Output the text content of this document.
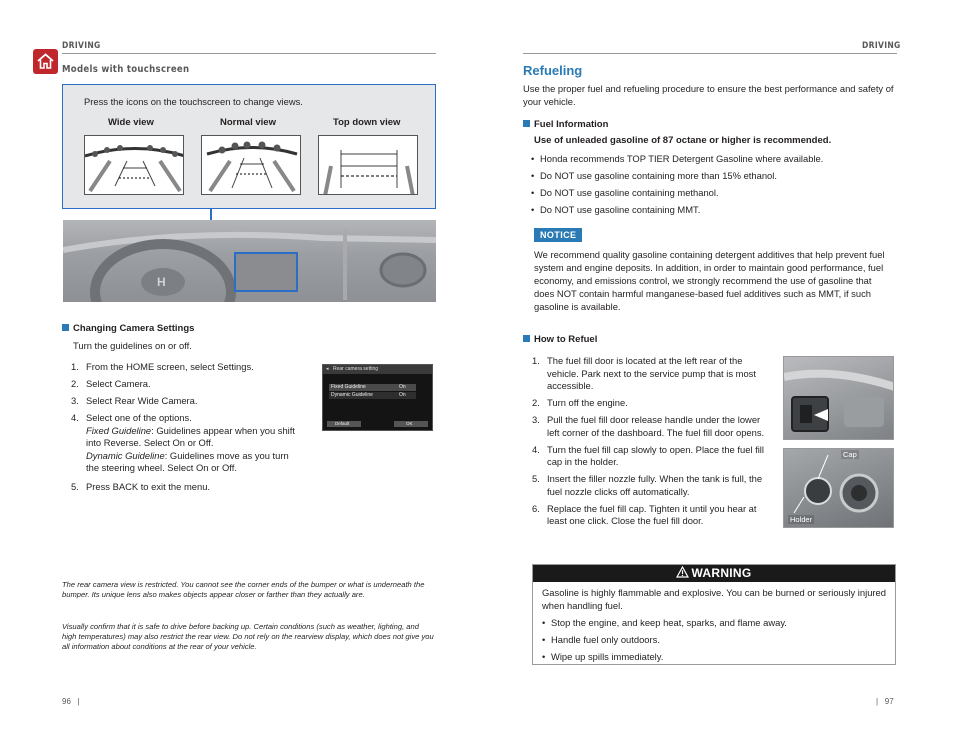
DRIVING
Models with touchscreen
Press the icons on the touchscreen to change views.
Wide view	Normal view	Top down view
H
Changing Camera Settings
Turn the guidelines on or off.
1. From the HOME screen, select Settings.
2. Select Camera.
3. Select Rear Wide Camera.
4. Select one of the options.
Fixed Guideline: Guidelines appear when you shift into Reverse. Select On or Off.
Dynamic Guideline: Guidelines move as you turn the steering wheel. Select On or Off.
5. Press BACK to exit the menu.
◂ Rear camera setting
Fixed Guideline	On
Dynamic Guideline	On
Default	OK
The rear camera view is restricted. You cannot see the corner ends of the bumper or what is underneath the bumper. Its unique lens also makes objects appear closer or farther than they actually are.
Visually confirm that it is safe to drive before backing up. Certain conditions (such as weather, lighting, and high temperatures) may also restrict the rear view. Do not rely on the rearview display, which does not give you all information about conditions at the rear of your vehicle.
96   |
DRIVING
Refueling
Use the proper fuel and refueling procedure to ensure the best performance and safety of your vehicle.
Fuel Information
Use of unleaded gasoline of 87 octane or higher is recommended.
• Honda recommends TOP TIER Detergent Gasoline where available.
• Do NOT use gasoline containing more than 15% ethanol.
• Do NOT use gasoline containing methanol.
• Do NOT use gasoline containing MMT.
NOTICE
We recommend quality gasoline containing detergent additives that help prevent fuel system and engine deposits. In addition, in order to maintain good performance, fuel economy, and emissions control, we strongly recommend the use of gasoline that does NOT contain harmful manganese-based fuel additives such as MMT, if such gasoline is available.
How to Refuel
1. The fuel fill door is located at the left rear of the vehicle. Park next to the service pump that is most accessible.
2. Turn off the engine.
3. Pull the fuel fill door release handle under the lower left corner of the dashboard. The fuel fill door opens.
4. Turn the fuel fill cap slowly to open. Place the fuel fill cap in the holder.
5. Insert the filler nozzle fully. When the tank is full, the fuel nozzle clicks off automatically.
6. Replace the fuel fill cap. Tighten it until you hear at least one click. Close the fuel fill door.
Cap
Holder
WARNING
Gasoline is highly flammable and explosive. You can be burned or seriously injured when handling fuel.
• Stop the engine, and keep heat, sparks, and flame away.
• Handle fuel only outdoors.
• Wipe up spills immediately.
|   97
